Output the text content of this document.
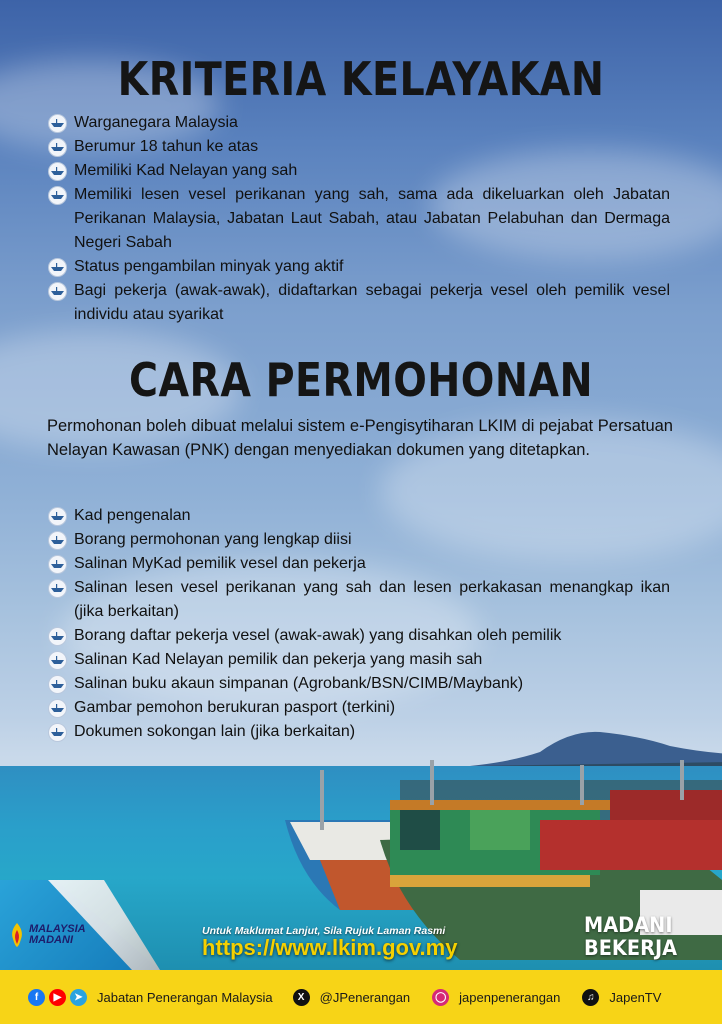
KRITERIA KELAYAKAN
Warganegara Malaysia
Berumur 18 tahun ke atas
Memiliki Kad Nelayan yang sah
Memiliki lesen vesel perikanan yang sah, sama ada dikeluarkan oleh Jabatan Perikanan Malaysia, Jabatan Laut Sabah, atau Jabatan Pelabuhan dan Dermaga Negeri Sabah
Status pengambilan minyak yang aktif
Bagi pekerja (awak-awak), didaftarkan sebagai pekerja vesel oleh pemilik vesel individu atau syarikat
CARA PERMOHONAN

Permohonan boleh dibuat melalui sistem e-Pengisytiharan LKIM di pejabat Persatuan Nelayan Kawasan (PNK) dengan menyediakan dokumen yang ditetapkan.

Kad pengenalan
Borang permohonan yang lengkap diisi
Salinan MyKad pemilik vesel dan pekerja
Salinan lesen vesel perikanan yang sah dan lesen perkakasan menangkap ikan (jika berkaitan)
Borang daftar pekerja vesel (awak-awak) yang disahkan oleh pemilik
Salinan Kad Nelayan pemilik dan pekerja yang masih sah
Salinan buku akaun simpanan (Agrobank/BSN/CIMB/Maybank)
Gambar pemohon berukuran pasport (terkini)
Dokumen sokongan lain (jika berkaitan)
MALAYSIA
MADANI
Untuk Maklumat Lanjut, Sila Rujuk Laman Rasmi
https://www.lkim.gov.my
MADANI
BEKERJA
f	▶	➤	Jabatan Penerangan Malaysia	X	@JPenerangan ◯ japenpenerangan	♫	JapenTV
